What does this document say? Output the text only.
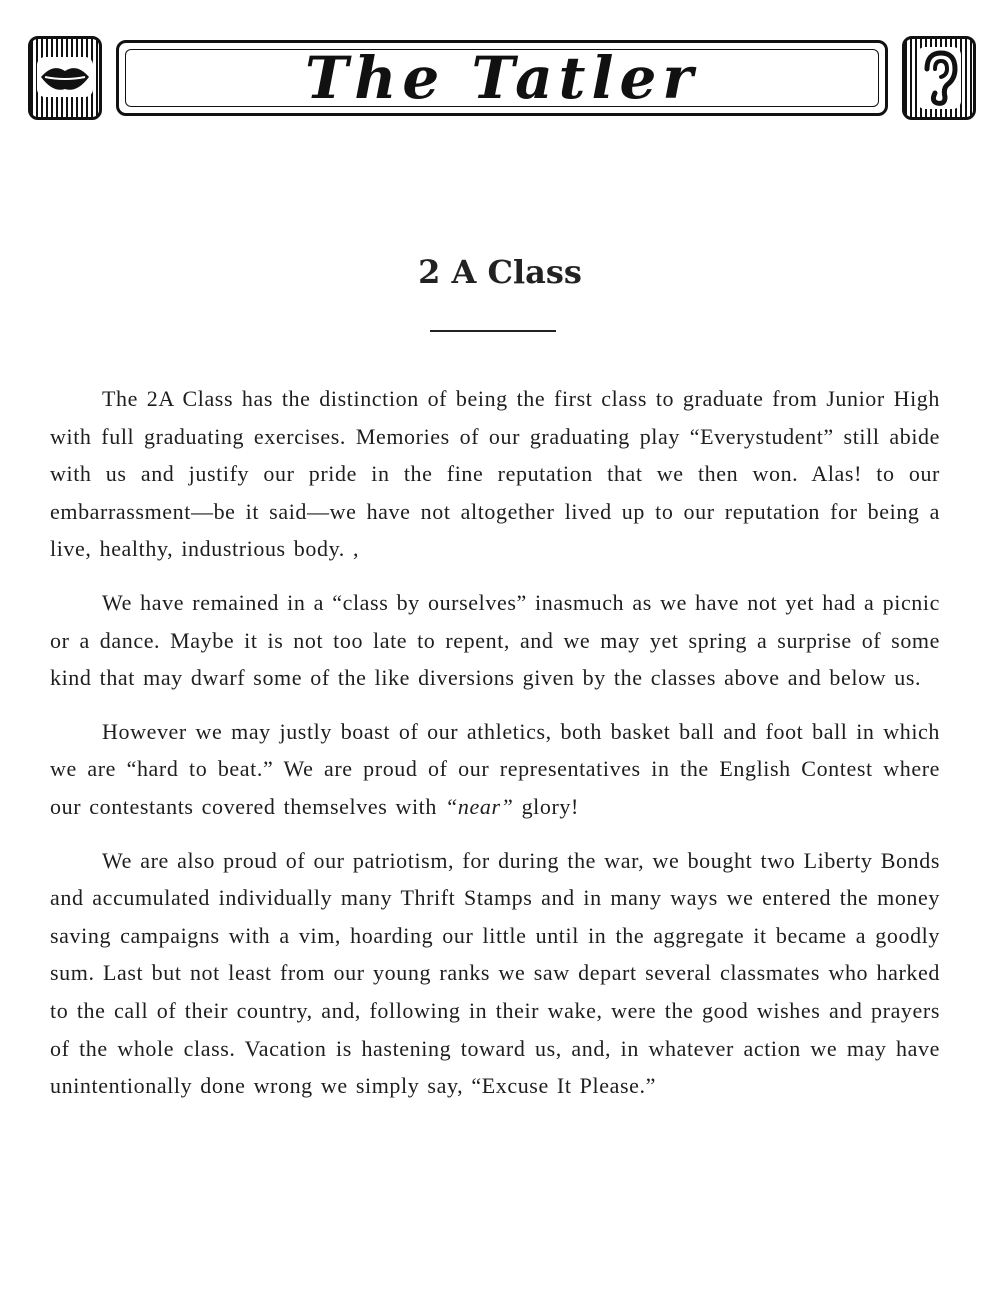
The Tatler
2 A Class

The 2A Class has the distinction of being the first class to graduate from Junior High with full graduating exercises. Memories of our graduating play “Everystudent” still abide with us and justify our pride in the fine reputation that we then won. Alas! to our embarrassment—be it said—we have not altogether lived up to our reputation for being a live, healthy, industrious body. ,

We have remained in a “class by ourselves” inasmuch as we have not yet had a picnic or a dance. Maybe it is not too late to repent, and we may yet spring a surprise of some kind that may dwarf some of the like diversions given by the classes above and below us.

However we may justly boast of our athletics, both basket ball and foot ball in which we are “hard to beat.” We are proud of our representatives in the English Contest where our contestants covered themselves with “near” glory!

We are also proud of our patriotism, for during the war, we bought two Liberty Bonds and accumulated individually many Thrift Stamps and in many ways we entered the money saving campaigns with a vim, hoarding our little until in the aggregate it became a goodly sum. Last but not least from our young ranks we saw depart several classmates who harked to the call of their country, and, following in their wake, were the good wishes and prayers of the whole class. Vacation is hastening toward us, and, in whatever action we may have unintentionally done wrong we simply say, “Excuse It Please.”
